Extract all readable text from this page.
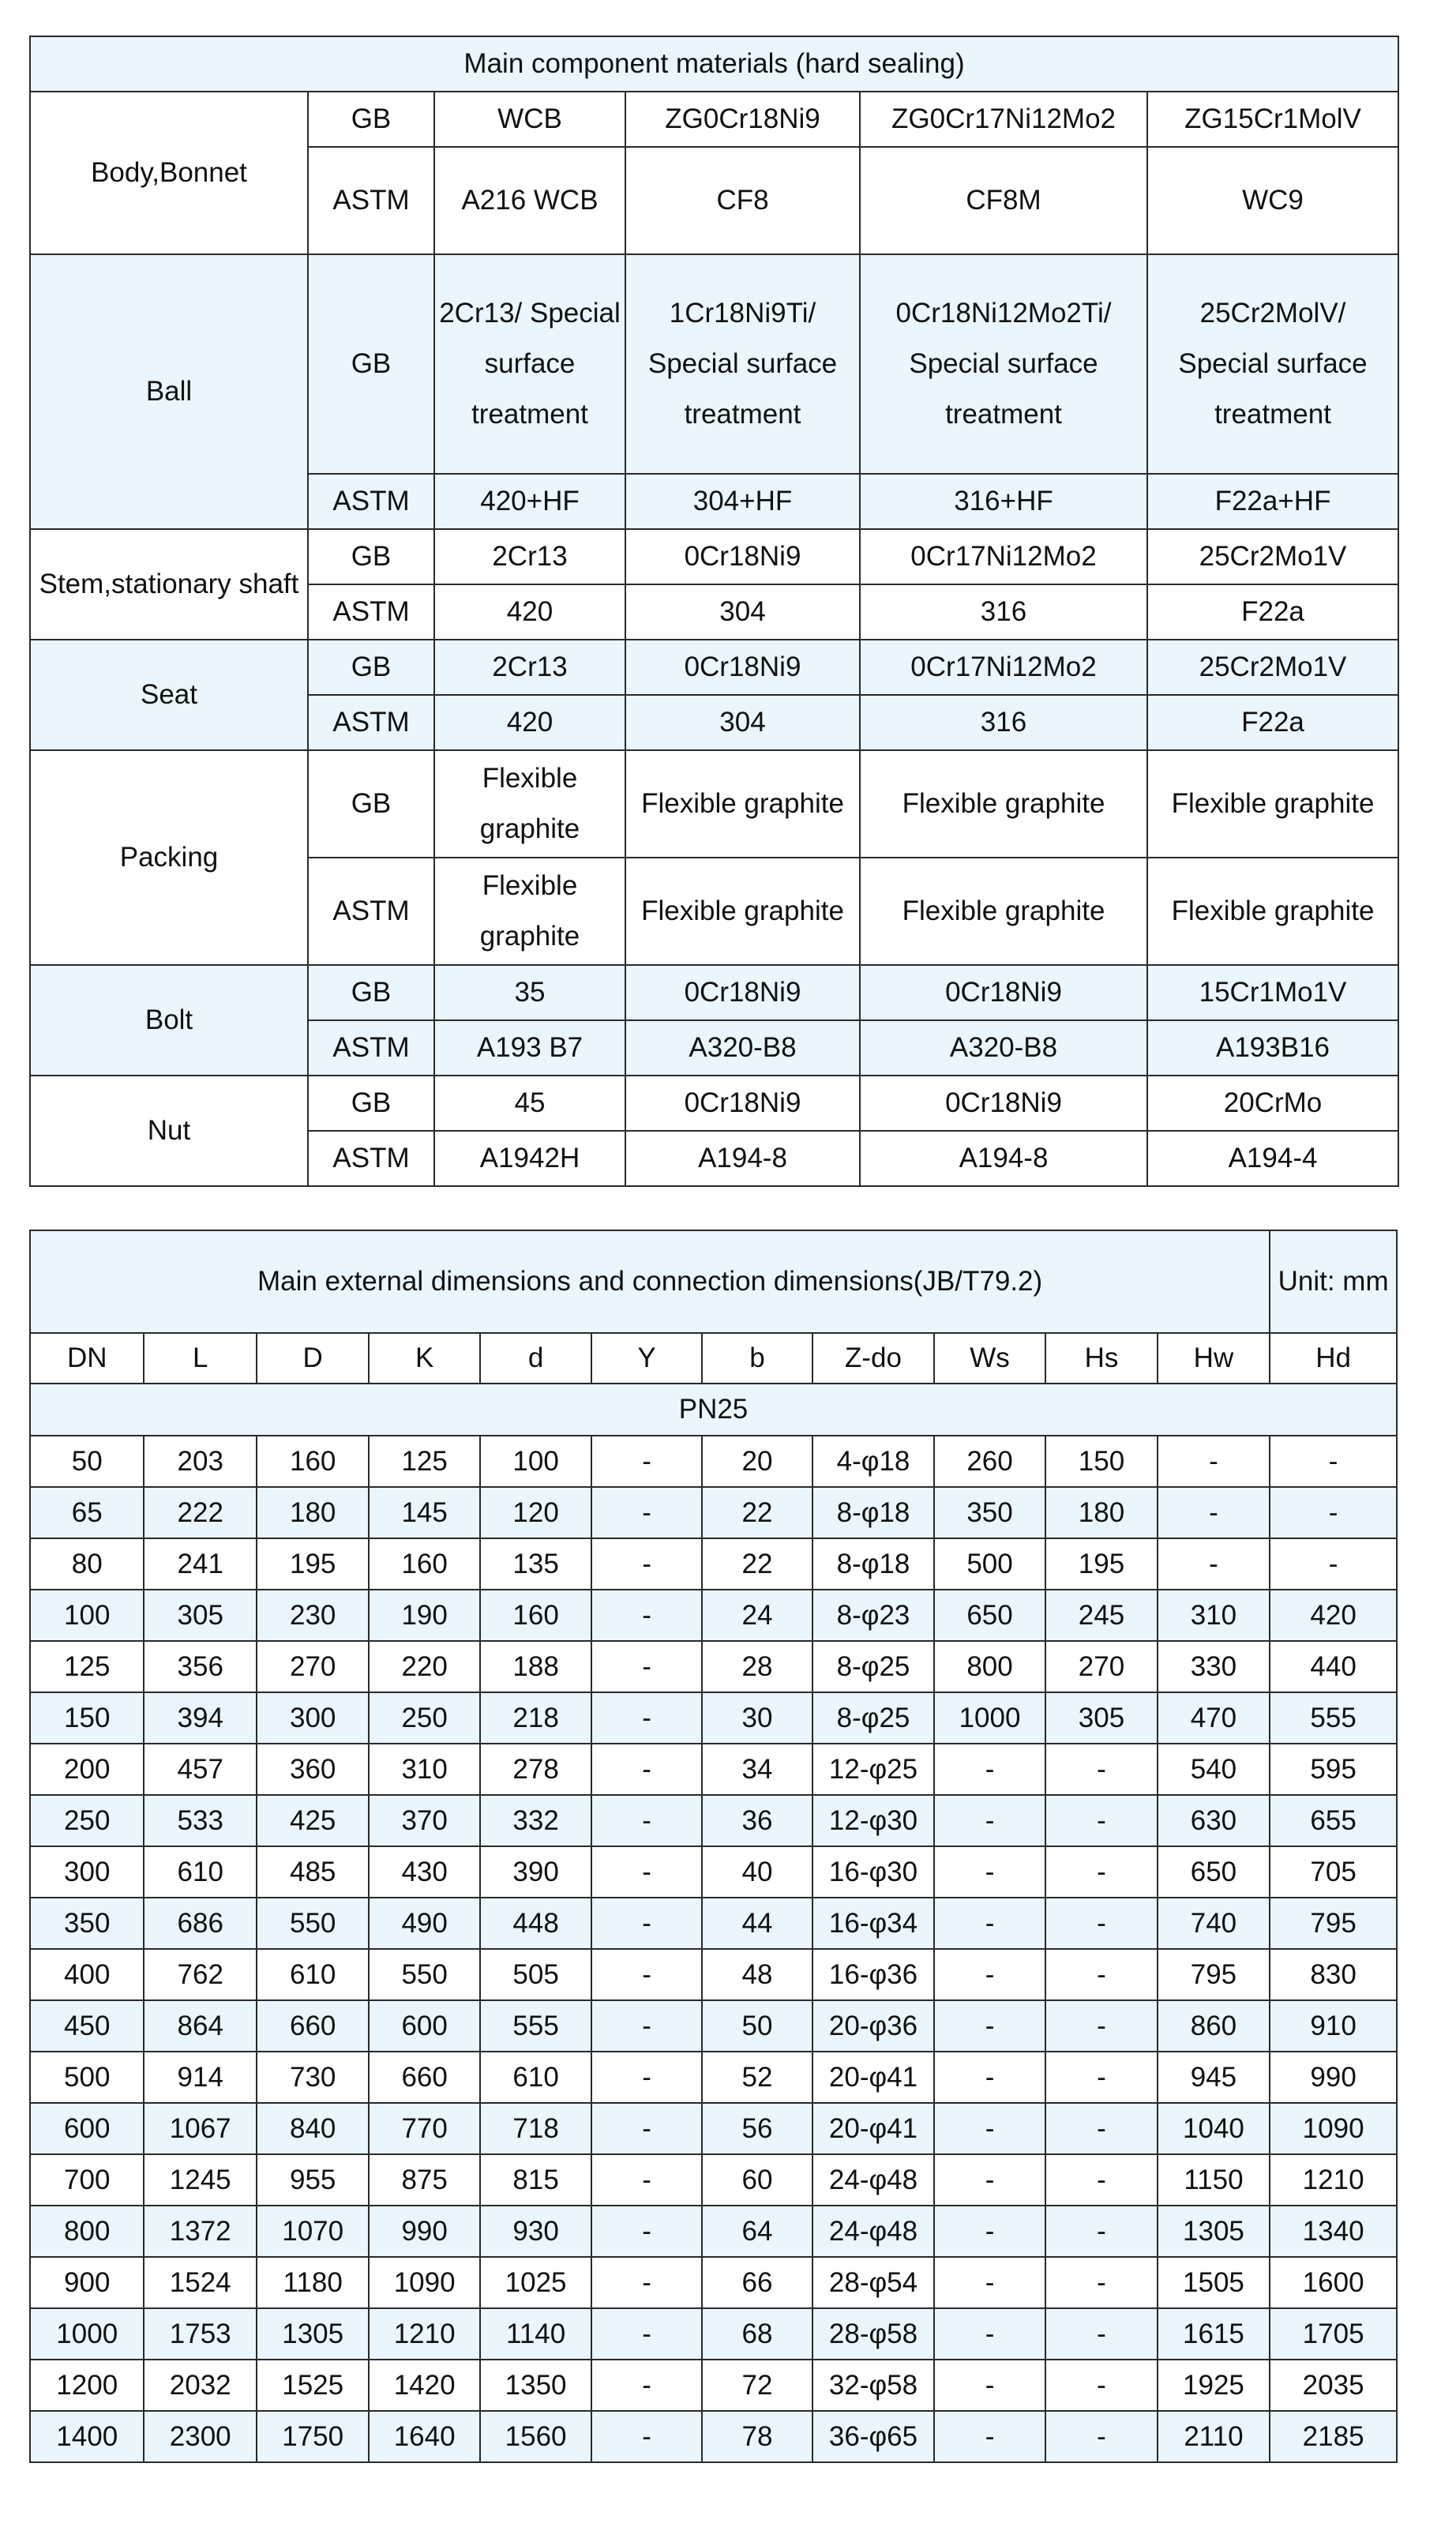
Main component materials (hard sealing)					
Body,Bonnet	GB	WCB	ZG0Cr18Ni9	ZG0Cr17Ni12Mo2	ZG15Cr1MolV
	ASTM	A216 WCB	CF8	CF8M	WC9
Ball	GB	2Cr13/ Special surface treatment	1Cr18Ni9Ti/ Special surface treatment	0Cr18Ni12Mo2Ti/ Special surface treatment	25Cr2MolV/ Special surface treatment
	ASTM	420+HF	304+HF	316+HF	F22a+HF
Stem,stationary shaft	GB	2Cr13	0Cr18Ni9	0Cr17Ni12Mo2	25Cr2Mo1V
	ASTM	420	304	316	F22a
Seat	GB	2Cr13	0Cr18Ni9	0Cr17Ni12Mo2	25Cr2Mo1V
	ASTM	420	304	316	F22a
Packing	GB	Flexible graphite	Flexible graphite	Flexible graphite	Flexible graphite
	ASTM	Flexible graphite	Flexible graphite	Flexible graphite	Flexible graphite
Bolt	GB	35	0Cr18Ni9	0Cr18Ni9	15Cr1Mo1V
	ASTM	A193 B7	A320-B8	A320-B8	A193B16
Nut	GB	45	0Cr18Ni9	0Cr18Ni9	20CrMo
	ASTM	A1942H	A194-8	A194-8	A194-4
Main external dimensions and connection dimensions(JB/T79.2)											Unit: mm
DN	L	D	K	d	Y	b	Z-do	Ws	Hs	Hw	Hd
PN25											
50	203	160	125	100	-	20	4-φ18	260	150	-	-
65	222	180	145	120	-	22	8-φ18	350	180	-	-
80	241	195	160	135	-	22	8-φ18	500	195	-	-
100	305	230	190	160	-	24	8-φ23	650	245	310	420
125	356	270	220	188	-	28	8-φ25	800	270	330	440
150	394	300	250	218	-	30	8-φ25	1000	305	470	555
200	457	360	310	278	-	34	12-φ25	-	-	540	595
250	533	425	370	332	-	36	12-φ30	-	-	630	655
300	610	485	430	390	-	40	16-φ30	-	-	650	705
350	686	550	490	448	-	44	16-φ34	-	-	740	795
400	762	610	550	505	-	48	16-φ36	-	-	795	830
450	864	660	600	555	-	50	20-φ36	-	-	860	910
500	914	730	660	610	-	52	20-φ41	-	-	945	990
600	1067	840	770	718	-	56	20-φ41	-	-	1040	1090
700	1245	955	875	815	-	60	24-φ48	-	-	1150	1210
800	1372	1070	990	930	-	64	24-φ48	-	-	1305	1340
900	1524	1180	1090	1025	-	66	28-φ54	-	-	1505	1600
1000	1753	1305	1210	1140	-	68	28-φ58	-	-	1615	1705
1200	2032	1525	1420	1350	-	72	32-φ58	-	-	1925	2035
1400	2300	1750	1640	1560	-	78	36-φ65	-	-	2110	2185
